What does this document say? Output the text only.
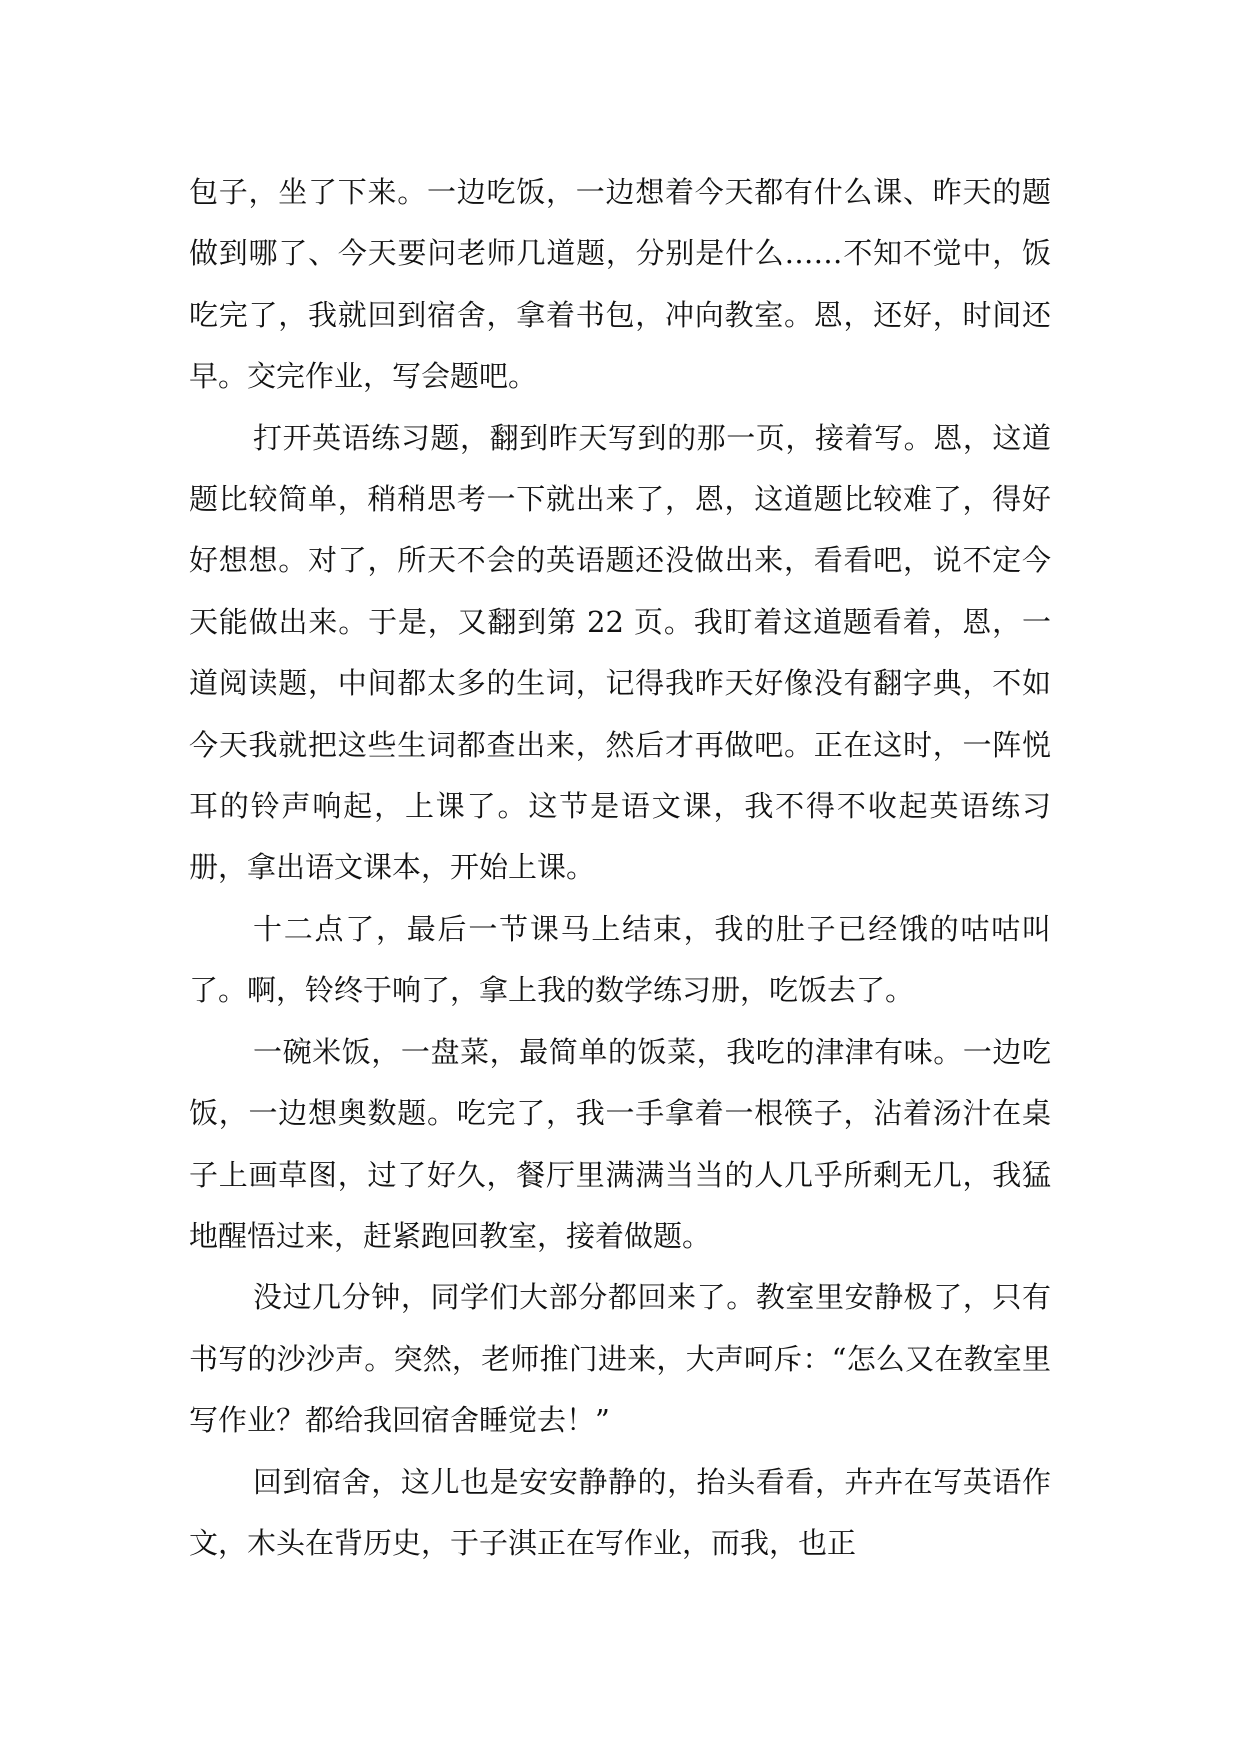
包子，坐了下来。一边吃饭，一边想着今天都有什么课、昨天的题做到哪了、今天要问老师几道题，分别是什么……不知不觉中，饭吃完了，我就回到宿舍，拿着书包，冲向教室。恩，还好，时间还早。交完作业，写会题吧。

打开英语练习题，翻到昨天写到的那一页，接着写。恩，这道题比较简单，稍稍思考一下就出来了，恩，这道题比较难了，得好好想想。对了，所天不会的英语题还没做出来，看看吧，说不定今天能做出来。于是，又翻到第 22 页。我盯着这道题看着，恩，一道阅读题，中间都太多的生词，记得我昨天好像没有翻字典，不如今天我就把这些生词都查出来，然后才再做吧。正在这时，一阵悦耳的铃声响起，上课了。这节是语文课，我不得不收起英语练习册，拿出语文课本，开始上课。

十二点了，最后一节课马上结束，我的肚子已经饿的咕咕叫了。啊，铃终于响了，拿上我的数学练习册，吃饭去了。

一碗米饭，一盘菜，最简单的饭菜，我吃的津津有味。一边吃饭，一边想奥数题。吃完了，我一手拿着一根筷子，沾着汤汁在桌子上画草图，过了好久，餐厅里满满当当的人几乎所剩无几，我猛地醒悟过来，赶紧跑回教室，接着做题。

没过几分钟，同学们大部分都回来了。教室里安静极了，只有书写的沙沙声。突然，老师推门进来，大声呵斥：“怎么又在教室里写作业？都给我回宿舍睡觉去！”

回到宿舍，这儿也是安安静静的，抬头看看，卉卉在写英语作文，木头在背历史，于子淇正在写作业，而我，也正
